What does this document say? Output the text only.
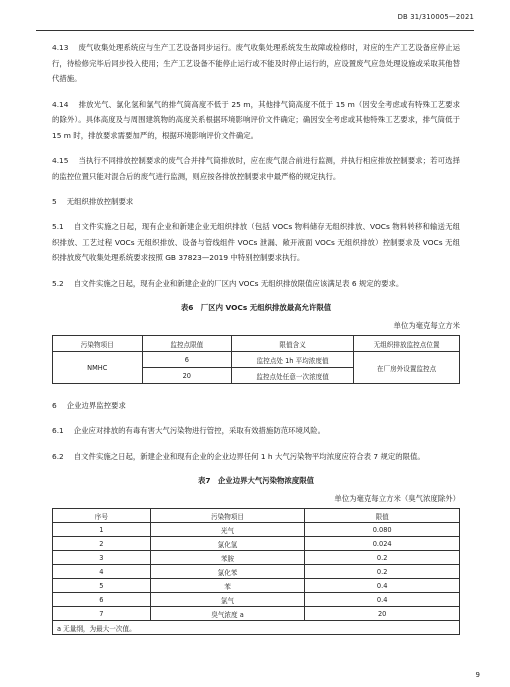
DB 31/310005—2021

4.13 废气收集处理系统应与生产工艺设备同步运行。废气收集处理系统发生故障或检修时，对应的生产工艺设备应停止运行，待检修完毕后同步投入使用；生产工艺设备不能停止运行或不能及时停止运行的，应设置废气应急处理设施或采取其他替代措施。

4.14 排放光气、氯化氢和氯气的排气筒高度不低于 25 m，其他排气筒高度不低于 15 m（因安全考虑或有特殊工艺要求的除外）。具体高度及与周围建筑物的高度关系根据环境影响评价文件确定；确因安全考虑或其他特殊工艺要求，排气筒低于 15 m 时，排放要求需要加严的，根据环境影响评价文件确定。

4.15 当执行不同排放控制要求的废气合并排气筒排放时，应在废气混合前进行监测，并执行相应排放控制要求；若可选择的监控位置只能对混合后的废气进行监测，则应按各排放控制要求中最严格的规定执行。

5 无组织排放控制要求

5.1 自文件实施之日起，现有企业和新建企业无组织排放（包括 VOCs 物料储存无组织排放、VOCs 物料转移和输送无组织排放、工艺过程 VOCs 无组织排放、设备与管线组件 VOCs 泄漏、敞开液面 VOCs 无组织排放）控制要求及 VOCs 无组织排放废气收集处理系统要求按照 GB 37823—2019 中特别控制要求执行。

5.2 自文件实施之日起，现有企业和新建企业的厂区内 VOCs 无组织排放限值应该满足表 6 规定的要求。

表6　厂区内 VOCs 无组织排放最高允许限值
单位为毫克每立方米
污染物项目	监控点限值	限值含义	无组织排放监控点位置
NMHC	6	监控点处 1h 平均浓度值	在厂房外设置监控点
	20	监控点处任意一次浓度值	
6 企业边界监控要求

6.1 企业应对排放的有毒有害大气污染物进行管控，采取有效措施防范环境风险。

6.2 自文件实施之日起，新建企业和现有企业的企业边界任何 1 h 大气污染物平均浓度应符合表 7 规定的限值。

表7　企业边界大气污染物浓度限值
单位为毫克每立方米（臭气浓度除外）
序号	污染物项目	限值
1	光气	0.080
2	氯化氢	0.024
3	苯胺	0.2
4	氯化苯	0.2
5	苯	0.4
6	氯气	0.4
7	臭气浓度 a	20
a 无量纲，为最大一次值。		
9
